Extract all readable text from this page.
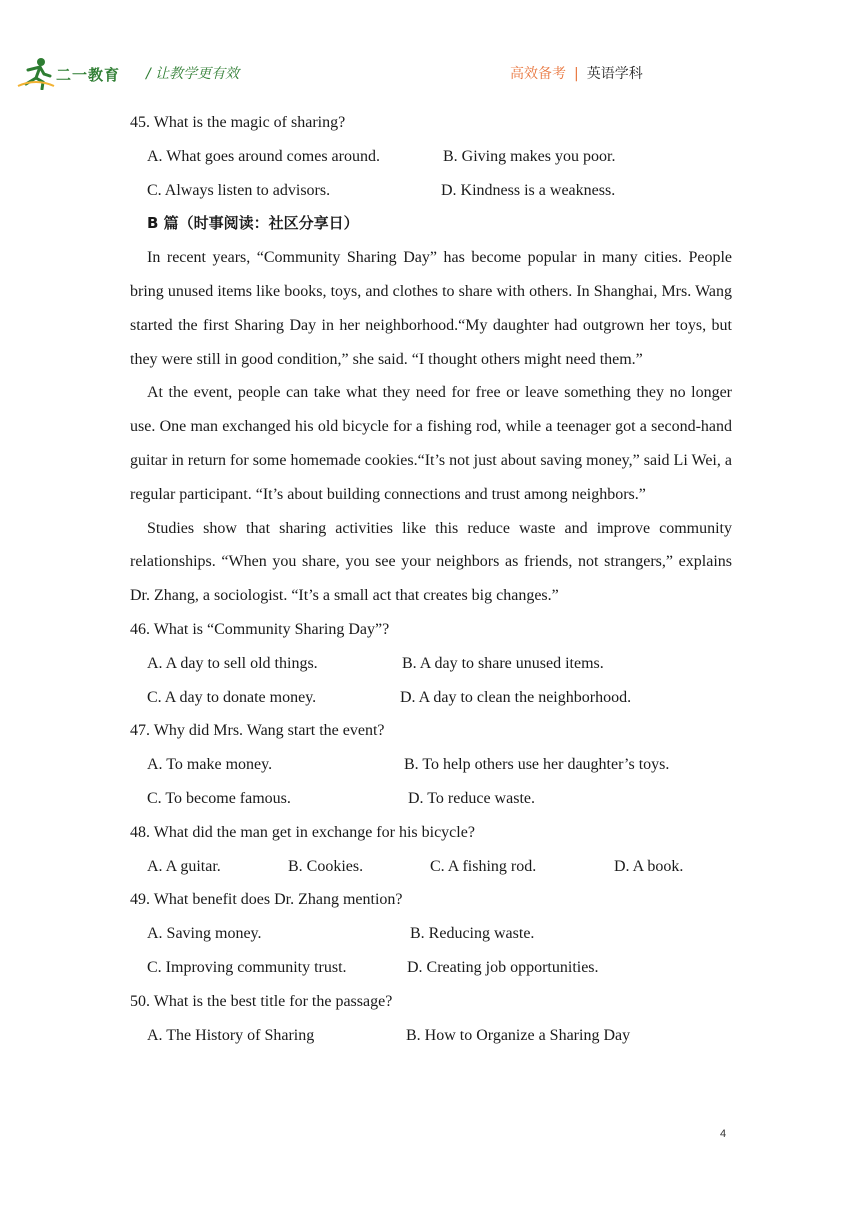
二一教育 / 让教学更有效	高效备考 | 英语学科
45. What is the magic of sharing?
A. What goes around comes around.	B. Giving makes you poor.
C. Always listen to advisors.	D. Kindness is a weakness.
B 篇（时事阅读：社区分享日）

In recent years, “Community Sharing Day” has become popular in many cities. People bring unused items like books, toys, and clothes to share with others. In Shanghai, Mrs. Wang started the first Sharing Day in her neighborhood.“My daughter had outgrown her toys, but they were still in good condition,” she said. “I thought others might need them.”

At the event, people can take what they need for free or leave something they no longer use. One man exchanged his old bicycle for a fishing rod, while a teenager got a second-hand guitar in return for some homemade cookies.“It’s not just about saving money,” said Li Wei, a regular participant. “It’s about building connections and trust among neighbors.”

Studies show that sharing activities like this reduce waste and improve community relationships. “When you share, you see your neighbors as friends, not strangers,” explains Dr. Zhang, a sociologist. “It’s a small act that creates big changes.”

46. What is “Community Sharing Day”?
A. A day to sell old things.	B. A day to share unused items.
C. A day to donate money.	D. A day to clean the neighborhood.
47. Why did Mrs. Wang start the event?
A. To make money.	B. To help others use her daughter’s toys.
C. To become famous.	D. To reduce waste.
48. What did the man get in exchange for his bicycle?
A. A guitar.	B. Cookies.	C. A fishing rod.	D. A book.
49. What benefit does Dr. Zhang mention?
A. Saving money.	B. Reducing waste.
C. Improving community trust.	D. Creating job opportunities.
50. What is the best title for the passage?
A. The History of Sharing	B. How to Organize a Sharing Day
4
